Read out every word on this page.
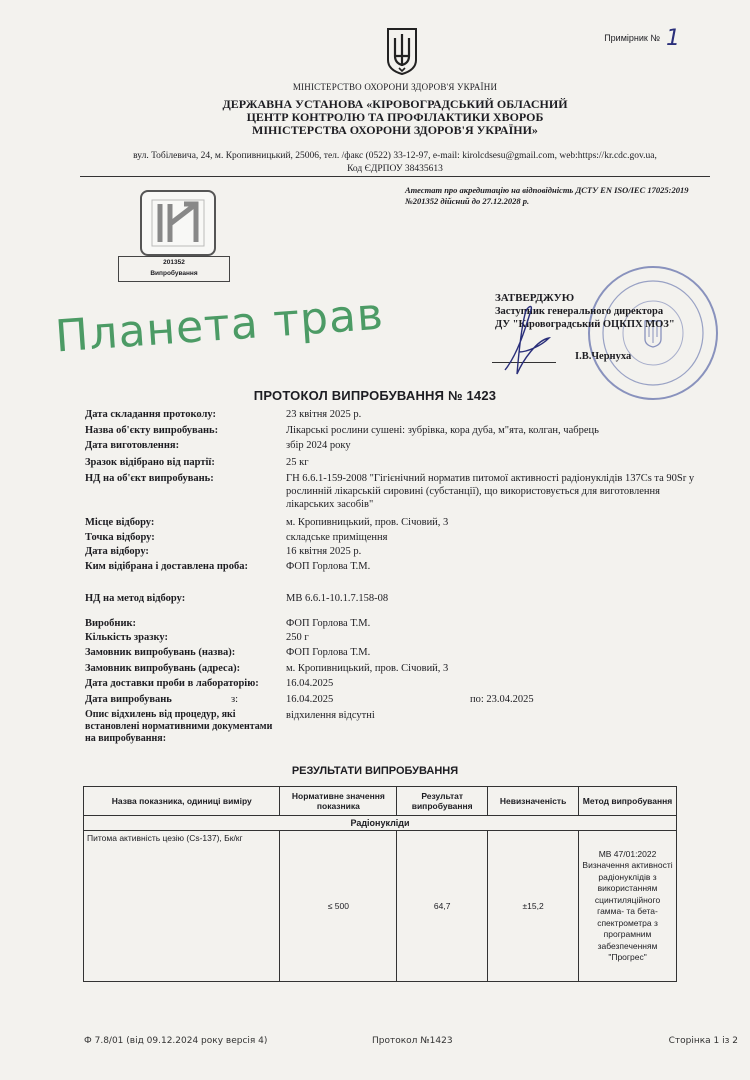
Примірник № 1
МІНІСТЕРСТВО ОХОРОНИ ЗДОРОВ'Я УКРАЇНИ
ДЕРЖАВНА УСТАНОВА «КІРОВОГРАДСЬКИЙ ОБЛАСНИЙ
ЦЕНТР КОНТРОЛЮ ТА ПРОФІЛАКТИКИ ХВОРОБ
МІНІСТЕРСТВА ОХОРОНИ ЗДОРОВ'Я УКРАЇНИ»
вул. Тобілевича, 24, м. Кропивницький, 25006, тел. /факс (0522) 33-12-97, e-mail: kirolcdsesu@gmail.com, web:https://kr.cdc.gov.ua,
Код ЄДРПОУ 38435613
Атестат про акредитацію на відповідність ДСТУ EN ISO/IEC 17025:2019
№201352 дійсний до 27.12.2028 р.
201352
Випробування
Планета трав	ЗАТВЕРДЖУЮ
Заступник генерального директора
ДУ "Кіровоградський ОЦКПХ МОЗ"
І.В.Чернуха
ПРОТОКОЛ ВИПРОБУВАННЯ № 1423
Дата складання протоколу:	23 квітня 2025 р.
Назва об'єкту випробувань:	Лікарські рослини сушені: зубрівка, кора дуба, м"ята, колган, чабрець
Дата виготовлення:	збір 2024 року
Зразок відібрано від партії:	25 кг
НД на об'єкт випробувань:	ГН 6.6.1-159-2008 "Гігієнічний норматив питомої активності радіонуклідів 137Cs та 90Sr у рослинній лікарській сировині (субстанції), що використовується для виготовлення лікарських засобів"
Місце відбору:	м. Кропивницький, пров. Січовий, 3
Точка відбору:	складське приміщення
Дата відбору:	16 квітня 2025 р.
Ким відібрана і доставлена проба:	ФОП Горлова Т.М.
НД на метод відбору:	МВ 6.6.1-10.1.7.158-08
Виробник:	ФОП Горлова Т.М.
Кількість зразку:	250 г
Замовник випробувань (назва):	ФОП Горлова Т.М.
Замовник випробувань (адреса):	м. Кропивницький, пров. Січовий, 3
Дата доставки проби в лабораторію:	16.04.2025
Дата випробувань	з:	16.04.2025	по: 23.04.2025
Опис відхилень від процедур, які встановлені нормативними документами на випробування:
відхилення відсутні
РЕЗУЛЬТАТИ ВИПРОБУВАННЯ
Назва показника, одиниці виміру	Нормативне значення показника	Результат випробування	Невизначеність	Метод випробування
Радіонукліди				
Питома активність цезію (Cs-137), Бк/кг	≤ 500	64,7	±15,2	МВ 47/01:2022 Визначення активності радіонуклідів з використанням сцинтиляційного гамма- та бета-спектрометра з програмним забезпеченням "Прогрес"
Ф 7.8/01 (від 09.12.2024 року версія 4)	Протокол №1423	Сторінка 1 із 2
